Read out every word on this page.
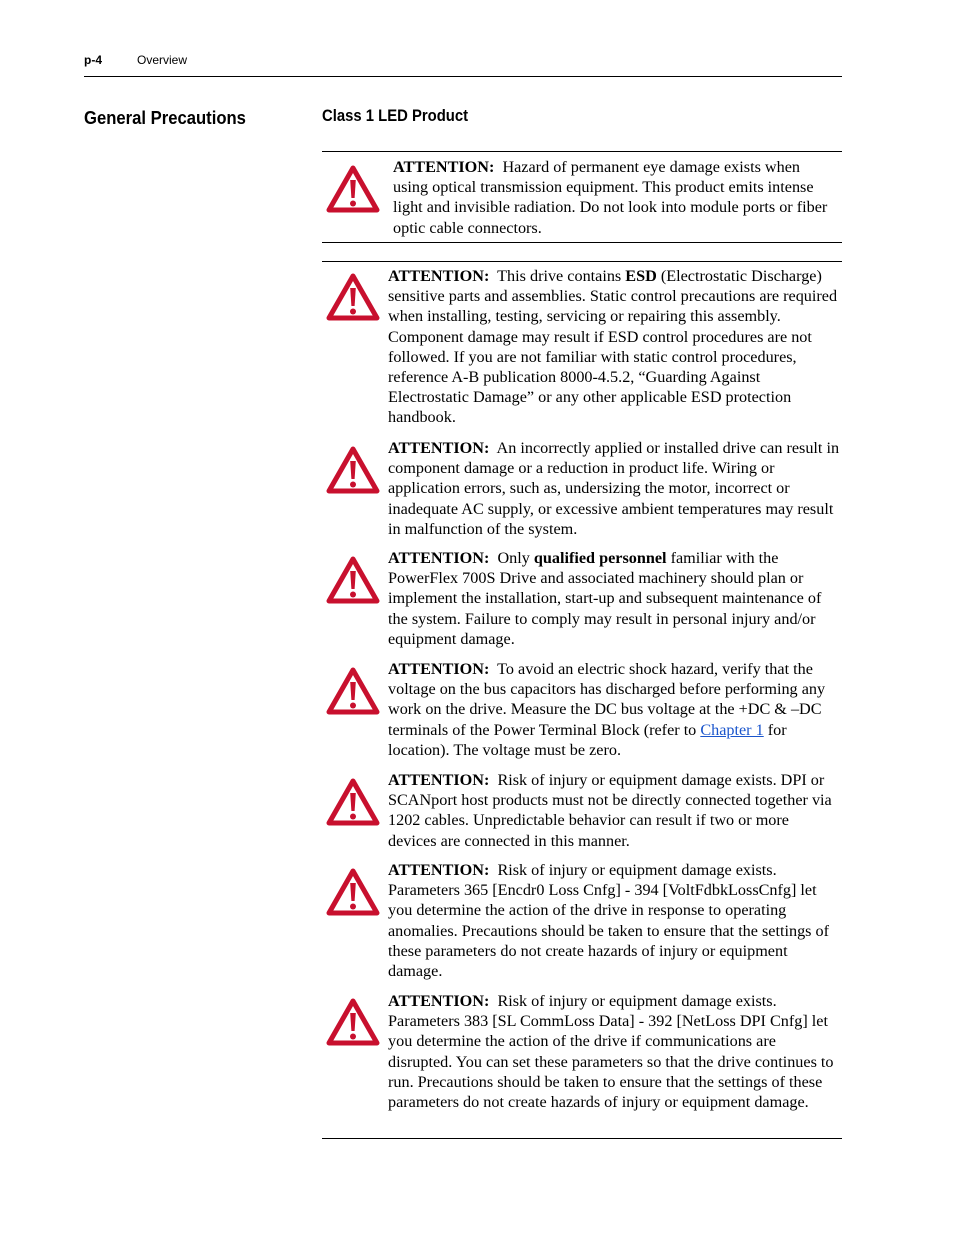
p-4	Overview
General Precautions	Class 1 LED Product
ATTENTION: Hazard of permanent eye damage exists when using optical transmission equipment. This product emits intense light and invisible radiation. Do not look into module ports or fiber optic cable connectors.
ATTENTION: This drive contains ESD (Electrostatic Discharge) sensitive parts and assemblies. Static control precautions are required when installing, testing, servicing or repairing this assembly. Component damage may result if ESD control procedures are not followed. If you are not familiar with static control procedures, reference A-B publication 8000-4.5.2, “Guarding Against Electrostatic Damage” or any other applicable ESD protection handbook.
ATTENTION: An incorrectly applied or installed drive can result in component damage or a reduction in product life. Wiring or application errors, such as, undersizing the motor, incorrect or inadequate AC supply, or excessive ambient temperatures may result in malfunction of the system.
ATTENTION: Only qualified personnel familiar with the PowerFlex 700S Drive and associated machinery should plan or implement the installation, start-up and subsequent maintenance of the system. Failure to comply may result in personal injury and/or equipment damage.
ATTENTION: To avoid an electric shock hazard, verify that the voltage on the bus capacitors has discharged before performing any work on the drive. Measure the DC bus voltage at the +DC & –DC terminals of the Power Terminal Block (refer to Chapter 1 for location). The voltage must be zero.
ATTENTION: Risk of injury or equipment damage exists. DPI or SCANport host products must not be directly connected together via 1202 cables. Unpredictable behavior can result if two or more devices are connected in this manner.
ATTENTION: Risk of injury or equipment damage exists. Parameters 365 [Encdr0 Loss Cnfg] - 394 [VoltFdbkLossCnfg] let you determine the action of the drive in response to operating anomalies. Precautions should be taken to ensure that the settings of these parameters do not create hazards of injury or equipment damage.
ATTENTION: Risk of injury or equipment damage exists. Parameters 383 [SL CommLoss Data] - 392 [NetLoss DPI Cnfg] let you determine the action of the drive if communications are disrupted. You can set these parameters so that the drive continues to run. Precautions should be taken to ensure that the settings of these parameters do not create hazards of injury or equipment damage.
